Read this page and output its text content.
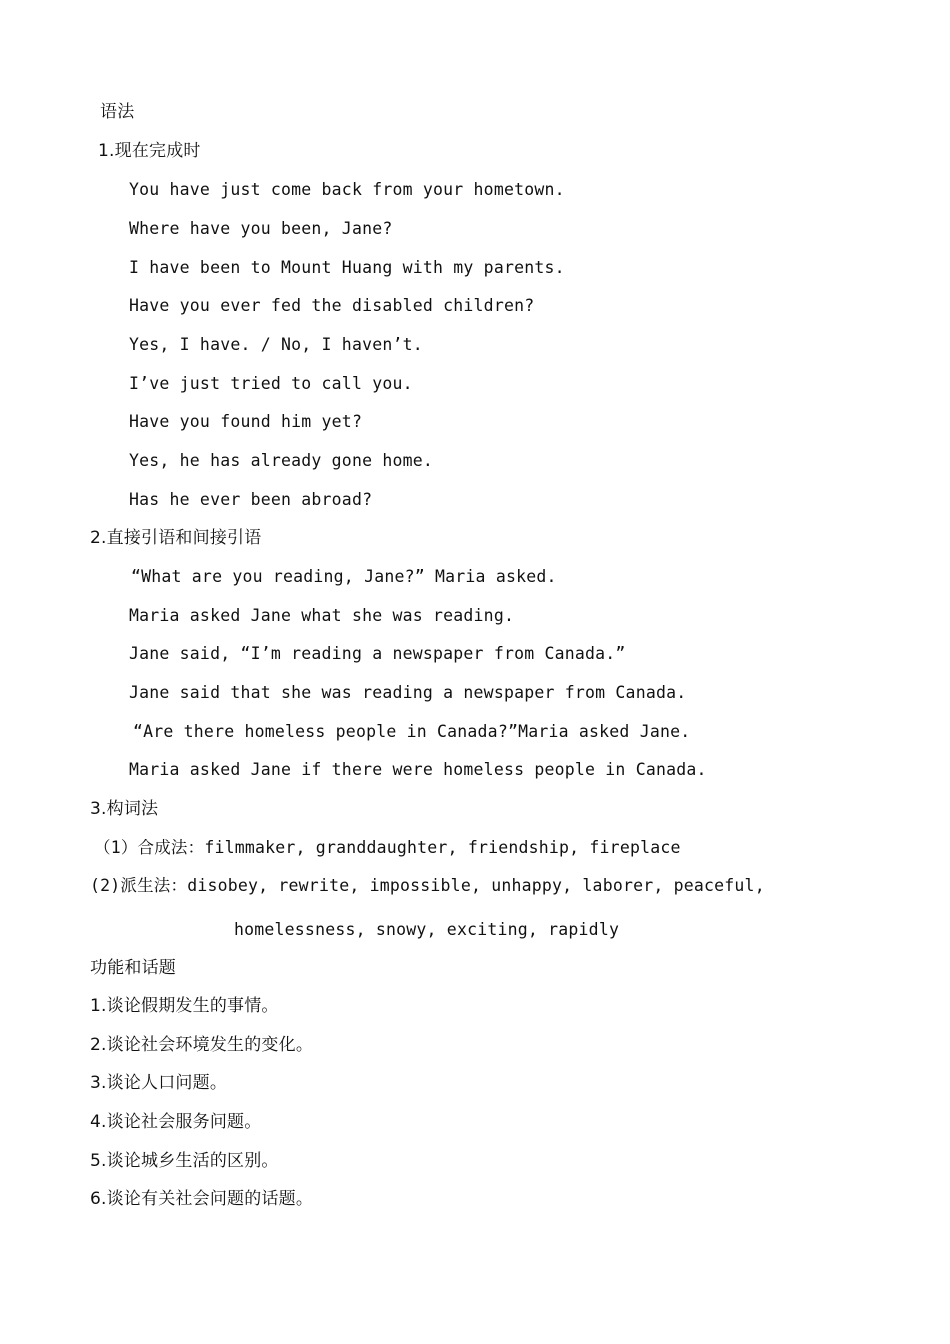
语法
1.现在完成时
You have just come back from your hometown.
Where have you been, Jane?
I have been to Mount Huang with my parents.
Have you ever fed the disabled children?
Yes, I have. / No, I haven’t.
I’ve just tried to call you.
Have you found him yet?
Yes, he has already gone home.
Has he ever been abroad?
2.直接引语和间接引语
“What are you reading, Jane?” Maria asked.
Maria asked Jane what she was reading.
Jane said, “I’m reading a newspaper from Canada.”
Jane said that she was reading a newspaper from Canada.
“Are there homeless people in Canada?”Maria asked Jane.
Maria asked Jane if there were homeless people in Canada.
3.构词法
（1）合成法：filmmaker, granddaughter, friendship, fireplace
(2)派生法：disobey, rewrite, impossible, unhappy, laborer, peaceful,
homelessness, snowy, exciting, rapidly
功能和话题
1.谈论假期发生的事情。
2.谈论社会环境发生的变化。
3.谈论人口问题。
4.谈论社会服务问题。
5.谈论城乡生活的区别。
6.谈论有关社会问题的话题。
